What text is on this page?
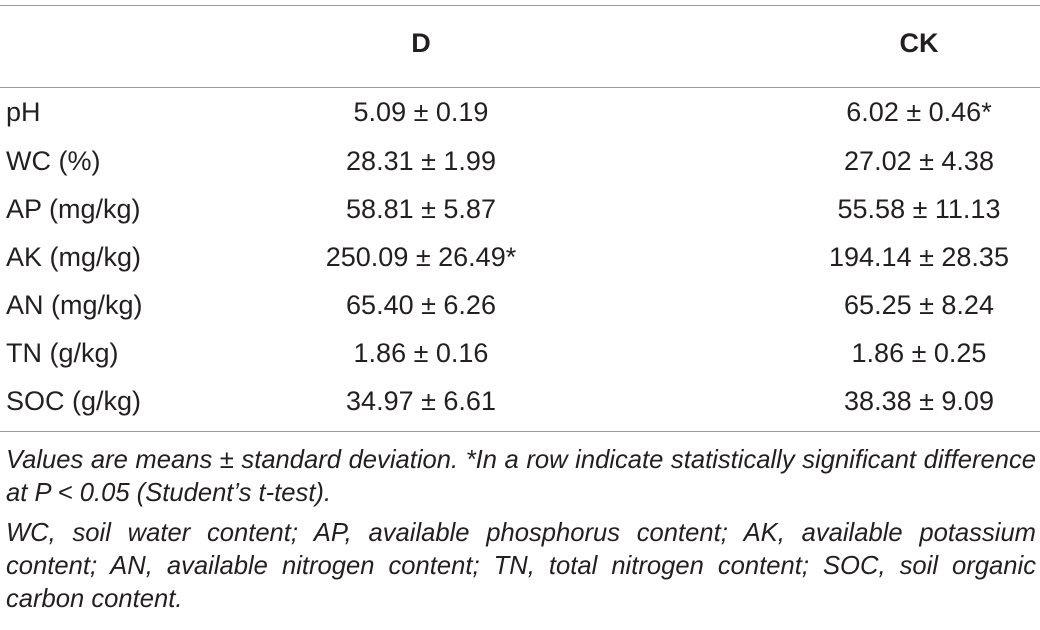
	D	CK
pH	5.09 ± 0.19	6.02 ± 0.46*
WC (%)	28.31 ± 1.99	27.02 ± 4.38
AP (mg/kg)	58.81 ± 5.87	55.58 ± 11.13
AK (mg/kg)	250.09 ± 26.49*	194.14 ± 28.35
AN (mg/kg)	65.40 ± 6.26	65.25 ± 8.24
TN (g/kg)	1.86 ± 0.16	1.86 ± 0.25
SOC (g/kg)	34.97 ± 6.61	38.38 ± 9.09

Values are means ± standard deviation. *In a row indicate statistically significant difference at P < 0.05 (Student’s t-test).

WC, soil water content; AP, available phosphorus content; AK, available potassium content; AN, available nitrogen content; TN, total nitrogen content; SOC, soil organic carbon content.
